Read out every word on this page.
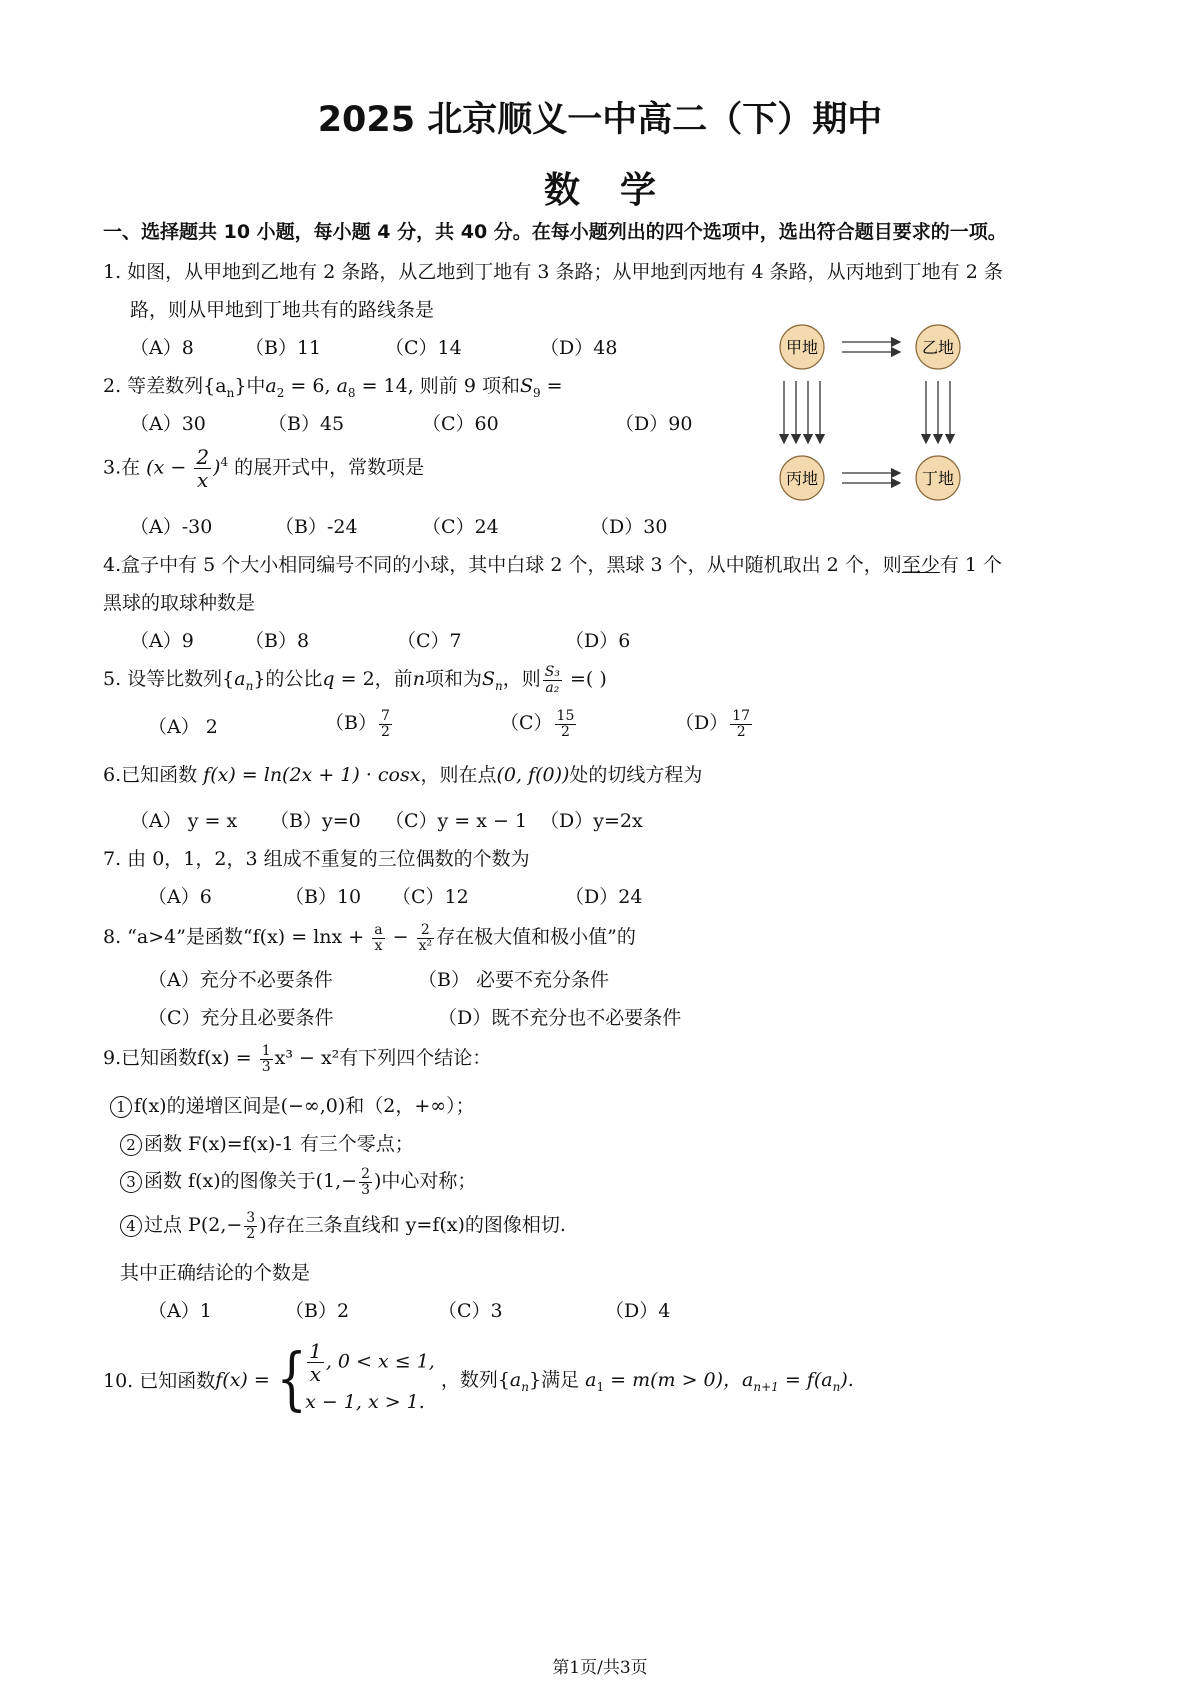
2025 北京顺义一中高二（下）期中
数学
一、选择题共 10 小题，每小题 4 分，共 40 分。在每小题列出的四个选项中，选出符合题目要求的一项。
1. 如图，从甲地到乙地有 2 条路，从乙地到丁地有 3 条路；从甲地到丙地有 4 条路，从丙地到丁地有 2 条
路，则从甲地到丁地共有的路线条是
（A）8	（B）11	（C）14	（D）48	甲地	乙地
丙地	丁地
2. 等差数列$\{a_n\}$中$a_2 = 6$, $a_8 = 14$, 则前 9 项和$S_9$ =
（A）30	（B）45	（C）60	（D）90
3.在 $(x - \frac{2}{x} )^4$ 的展开式中，常数项是
（A）-30	（B）-24	（C）24	（D）30
4.盒子中有 5 个大小相同编号不同的小球，其中白球 2 个，黑球 3 个，从中随机取出 2 个，则至少有 1 个
黑球的取球种数是
（A）9	（B）8	（C）7	（D）6
5. 设等比数列$\{a_n\}$的公比q = 2，前n项和为$S_n$，则 $\frac{\text{S₃}}{\text{a₂}}$ =( )
（A） 2	$(B) \frac{7}{2}$	$(C) \frac{15}{2}$	$(D) \frac{17}{2}$
6.已知函数 f(x) = ln(2x + 1) · cosx，则在点(0, f(0))处的切线方程为
（A） y = x （B）y=0 （C）y = x − 1 （D）y=2x
7. 由 0，1，2，3 组成不重复的三位偶数的个数为
（A）6	（B）10 （C）12	（D）24
8. “a>4”是函数“$f(x) = \ln x + \frac{a}{x} - \frac{2}{\text{x²}}$ 存在极大值和极小值”的
（A）充分不必要条件	（B） 必要不充分条件
（C）充分且必要条件	（D）既不充分也不必要条件
9.已知函数$f(x) = \frac{1}{3} x^3 - x^2$有下列四个结论：
1 f(x)的递增区间是(−∞,0)和（2，+∞）；
2 函数 F(x)=f(x)-1 有三个零点；
3 函数 f(x)的图像关于($1,- \frac{2}{3}$ )中心对称；
4 过点 $P(2,- \frac{3}{2}$ )存在三条直线和 y=f(x)的图像相切.
其中正确结论的个数是
（A）1	（B）2	（C）3	（D）4
10. 已知函数f(x) ={ $\frac{1}{x}$ , 0 < x ≤ 1,
x − 1, x > 1.
，数列$\{a_n\}$满足 $a_1 = m(m > 0)$，$a_{n+1} = f(a_n)$.
第1页/共3页
